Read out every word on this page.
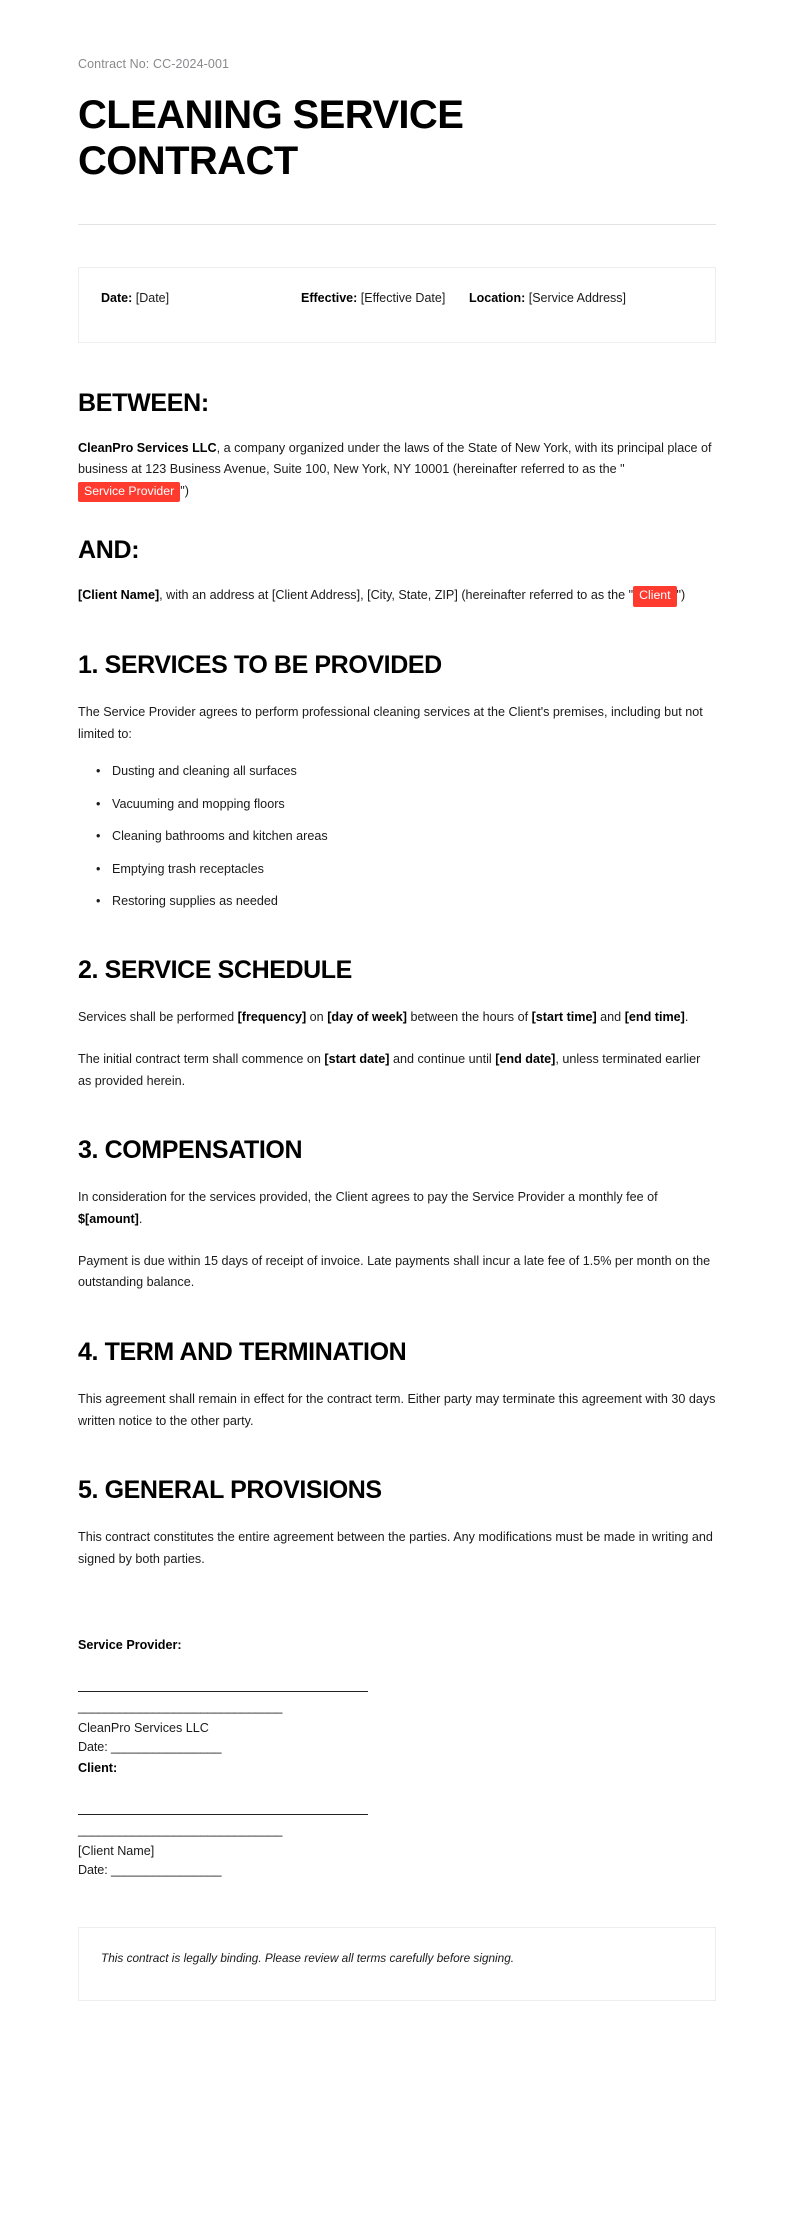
Contract No: CC-2024-001
CLEANING SERVICE CONTRACT
Date: [Date]	Effective: [Effective Date]	Location: [Service Address]
BETWEEN:

CleanPro Services LLC, a company organized under the laws of the State of New York, with its principal place of business at 123 Business Avenue, Suite 100, New York, NY 10001 (hereinafter referred to as the "Service Provider ")

AND:

[Client Name], with an address at [Client Address], [City, State, ZIP] (hereinafter referred to as the " Client ")

1. SERVICES TO BE PROVIDED

The Service Provider agrees to perform professional cleaning services at the Client's premises, including but not limited to:

• Dusting and cleaning all surfaces
• Vacuuming and mopping floors
• Cleaning bathrooms and kitchen areas
• Emptying trash receptacles
• Restoring supplies as needed
2. SERVICE SCHEDULE

Services shall be performed [frequency] on [day of week] between the hours of [start time] and [end time].

The initial contract term shall commence on [start date] and continue until [end date], unless terminated earlier as provided herein.

3. COMPENSATION

In consideration for the services provided, the Client agrees to pay the Service Provider a monthly fee of $[amount].

Payment is due within 15 days of receipt of invoice. Late payments shall incur a late fee of 1.5% per month on the outstanding balance.

4. TERM AND TERMINATION

This agreement shall remain in effect for the contract term. Either party may terminate this agreement with 30 days written notice to the other party.

5. GENERAL PROVISIONS

This contract constitutes the entire agreement between the parties. Any modifications must be made in writing and signed by both parties.

Service Provider:
______________________________
CleanPro Services LLC
Date: ________________
Client:
______________________________
[Client Name]
Date: ________________

This contract is legally binding. Please review all terms carefully before signing.
